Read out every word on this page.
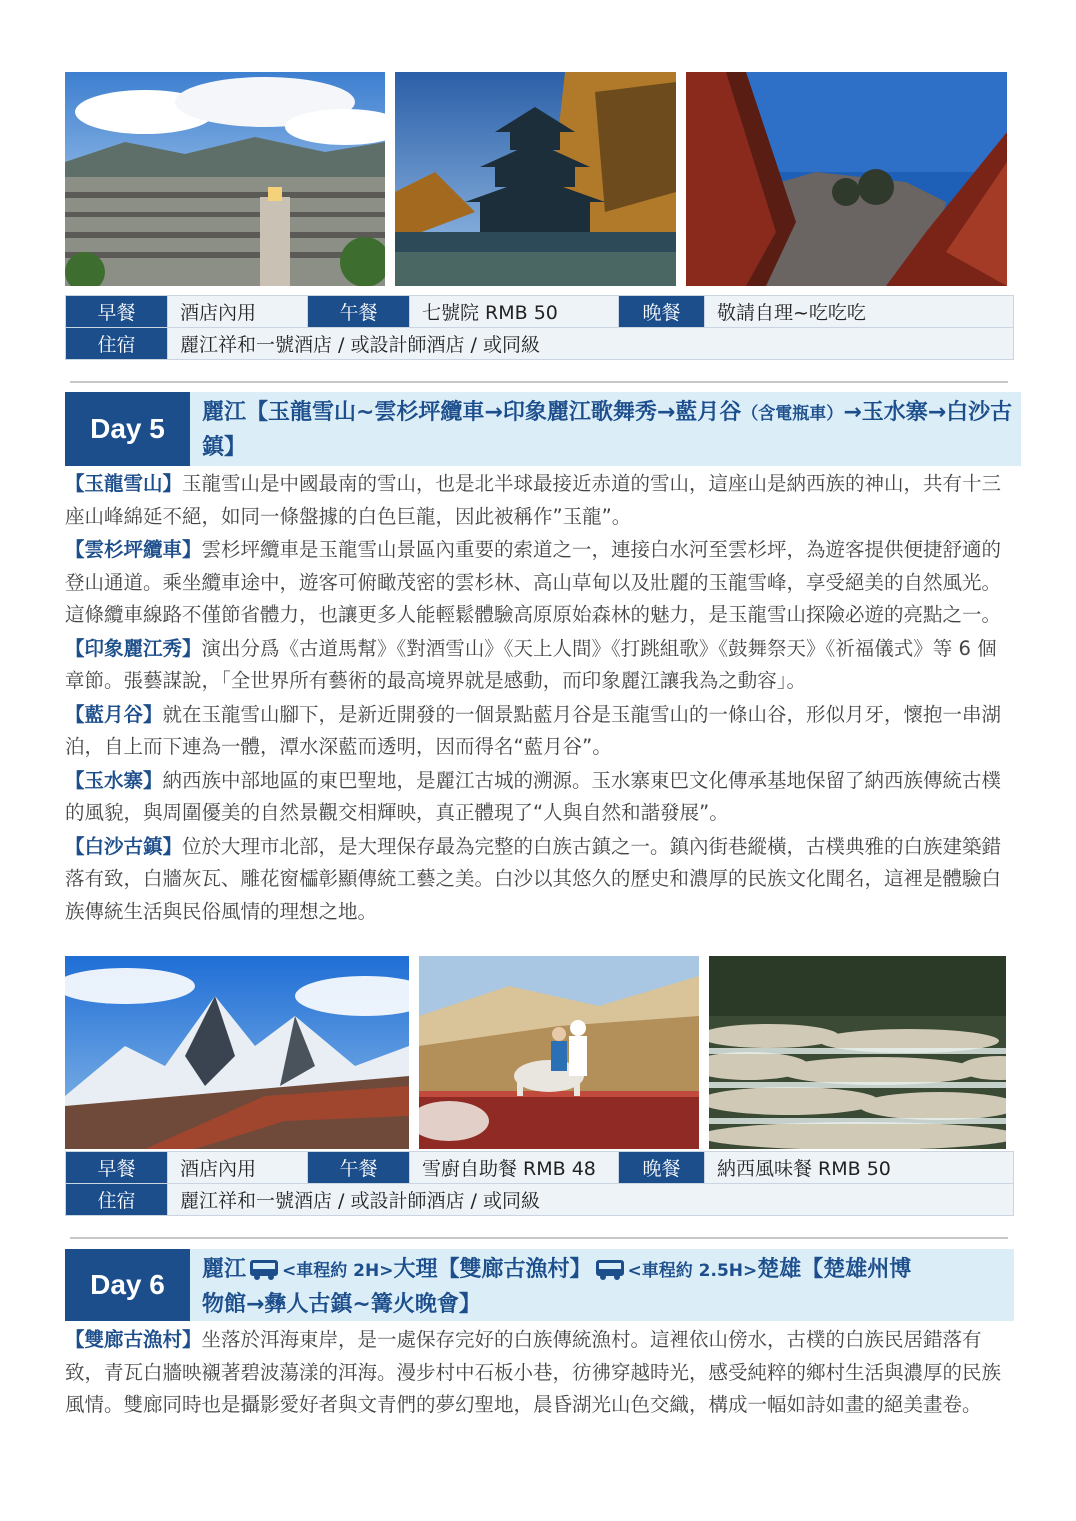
早餐	酒店內用	午餐	七號院 RMB 50	晚餐	敬請自理~吃吃吃
住宿	麗江祥和一號酒店 / 或設計師酒店 / 或同級				
Day 5
麗江【玉龍雪山~雲杉坪纜車→印象麗江歌舞秀→藍月谷（含電瓶車）→玉水寨→白沙古鎮】

【玉龍雪山】玉龍雪山是中國最南的雪山，也是北半球最接近赤道的雪山，這座山是納西族的神山，共有十三座山峰綿延不絕，如同一條盤據的白色巨龍，因此被稱作”玉龍”。

【雲杉坪纜車】雲杉坪纜車是玉龍雪山景區內重要的索道之一，連接白水河至雲杉坪，為遊客提供便捷舒適的登山通道。乘坐纜車途中，遊客可俯瞰茂密的雲杉林、高山草甸以及壯麗的玉龍雪峰，享受絕美的自然風光。這條纜車線路不僅節省體力，也讓更多人能輕鬆體驗高原原始森林的魅力，是玉龍雪山探險必遊的亮點之一。

【印象麗江秀】演出分爲《古道馬幫》《對酒雪山》《天上人間》《打跳組歌》《鼓舞祭天》《祈福儀式》等 6 個章節。張藝謀說，「全世界所有藝術的最高境界就是感動，而印象麗江讓我為之動容」。

【藍月谷】就在玉龍雪山腳下，是新近開發的一個景點藍月谷是玉龍雪山的一條山谷，形似月牙，懷抱一串湖泊，自上而下連為一體，潭水深藍而透明，因而得名“藍月谷”。

【玉水寨】納西族中部地區的東巴聖地，是麗江古城的溯源。玉水寨東巴文化傳承基地保留了納西族傳統古樸的風貌，與周圍優美的自然景觀交相輝映，真正體現了“人與自然和諧發展”。

【白沙古鎮】位於大理市北部，是大理保存最為完整的白族古鎮之一。鎮內街巷縱橫，古樸典雅的白族建築錯落有致，白牆灰瓦、雕花窗櫺彰顯傳統工藝之美。白沙以其悠久的歷史和濃厚的民族文化聞名，這裡是體驗白族傳統生活與民俗風情的理想之地。

早餐	酒店內用	午餐	雪廚自助餐 RMB 48	晚餐	納西風味餐 RMB 50
住宿	麗江祥和一號酒店 / 或設計師酒店 / 或同級				
Day 6	麗江 <車程約 2H>大理【雙廊古漁村】 <車程約 2.5H>楚雄【楚雄州博
物館→彝人古鎮~篝火晚會】

【雙廊古漁村】坐落於洱海東岸，是一處保存完好的白族傳統漁村。這裡依山傍水，古樸的白族民居錯落有致，青瓦白牆映襯著碧波蕩漾的洱海。漫步村中石板小巷，彷彿穿越時光，感受純粹的鄉村生活與濃厚的民族風情。雙廊同時也是攝影愛好者與文青們的夢幻聖地，晨昏湖光山色交織，構成一幅如詩如畫的絕美畫卷。
